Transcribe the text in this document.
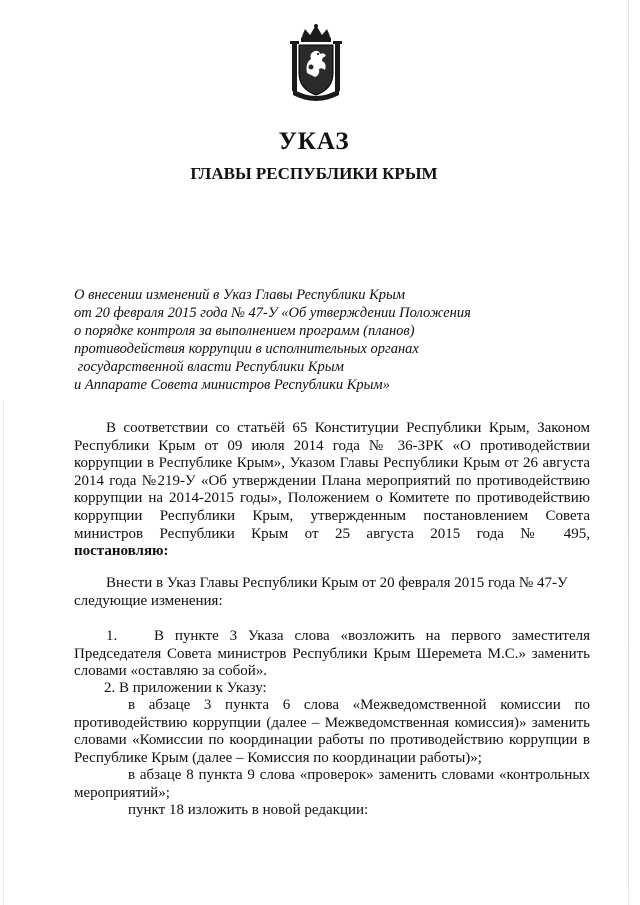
УКАЗ
ГЛАВЫ РЕСПУБЛИКИ КРЫМ
О внесении изменений в Указ Главы Республики Крым
от 20 февраля 2015 года № 47-У «Об утверждении Положения
о порядке контроля за выполнением программ (планов)
противодействия коррупции в исполнительных органах
государственной власти Республики Крым
и Аппарате Совета министров Республики Крым»
В соответствии со статьёй 65 Конституции Республики Крым, Законом
Республики Крым от 09 июля 2014 года № 36-ЗРК «О противодействии
коррупции в Республике Крым», Указом Главы Республики Крым от 26 августа
2014 года №219-У «Об утверждении Плана мероприятий по противодействию
коррупции на 2014-2015 годы», Положением о Комитете по противодействию
коррупции Республики Крым, утвержденным постановлением Совета
министров Республики Крым от 25 августа 2015 года № 495,
постановляю:
Внести в Указ Главы Республики Крым от 20 февраля 2015 года № 47-У
следующие изменения:
1. В пункте 3 Указа слова «возложить на первого заместителя
Председателя Совета министров Республики Крым Шеремета М.С.» заменить
словами «оставляю за собой».
2. В приложении к Указу:
в абзаце 3 пункта 6 слова «Межведомственной комиссии по
противодействию коррупции (далее – Межведомственная комиссия)» заменить
словами «Комиссии по координации работы по противодействию коррупции в
Республике Крым (далее – Комиссия по координации работы)»;
в абзаце 8 пункта 9 слова «проверок» заменить словами «контрольных
мероприятий»;
пункт 18 изложить в новой редакции:
